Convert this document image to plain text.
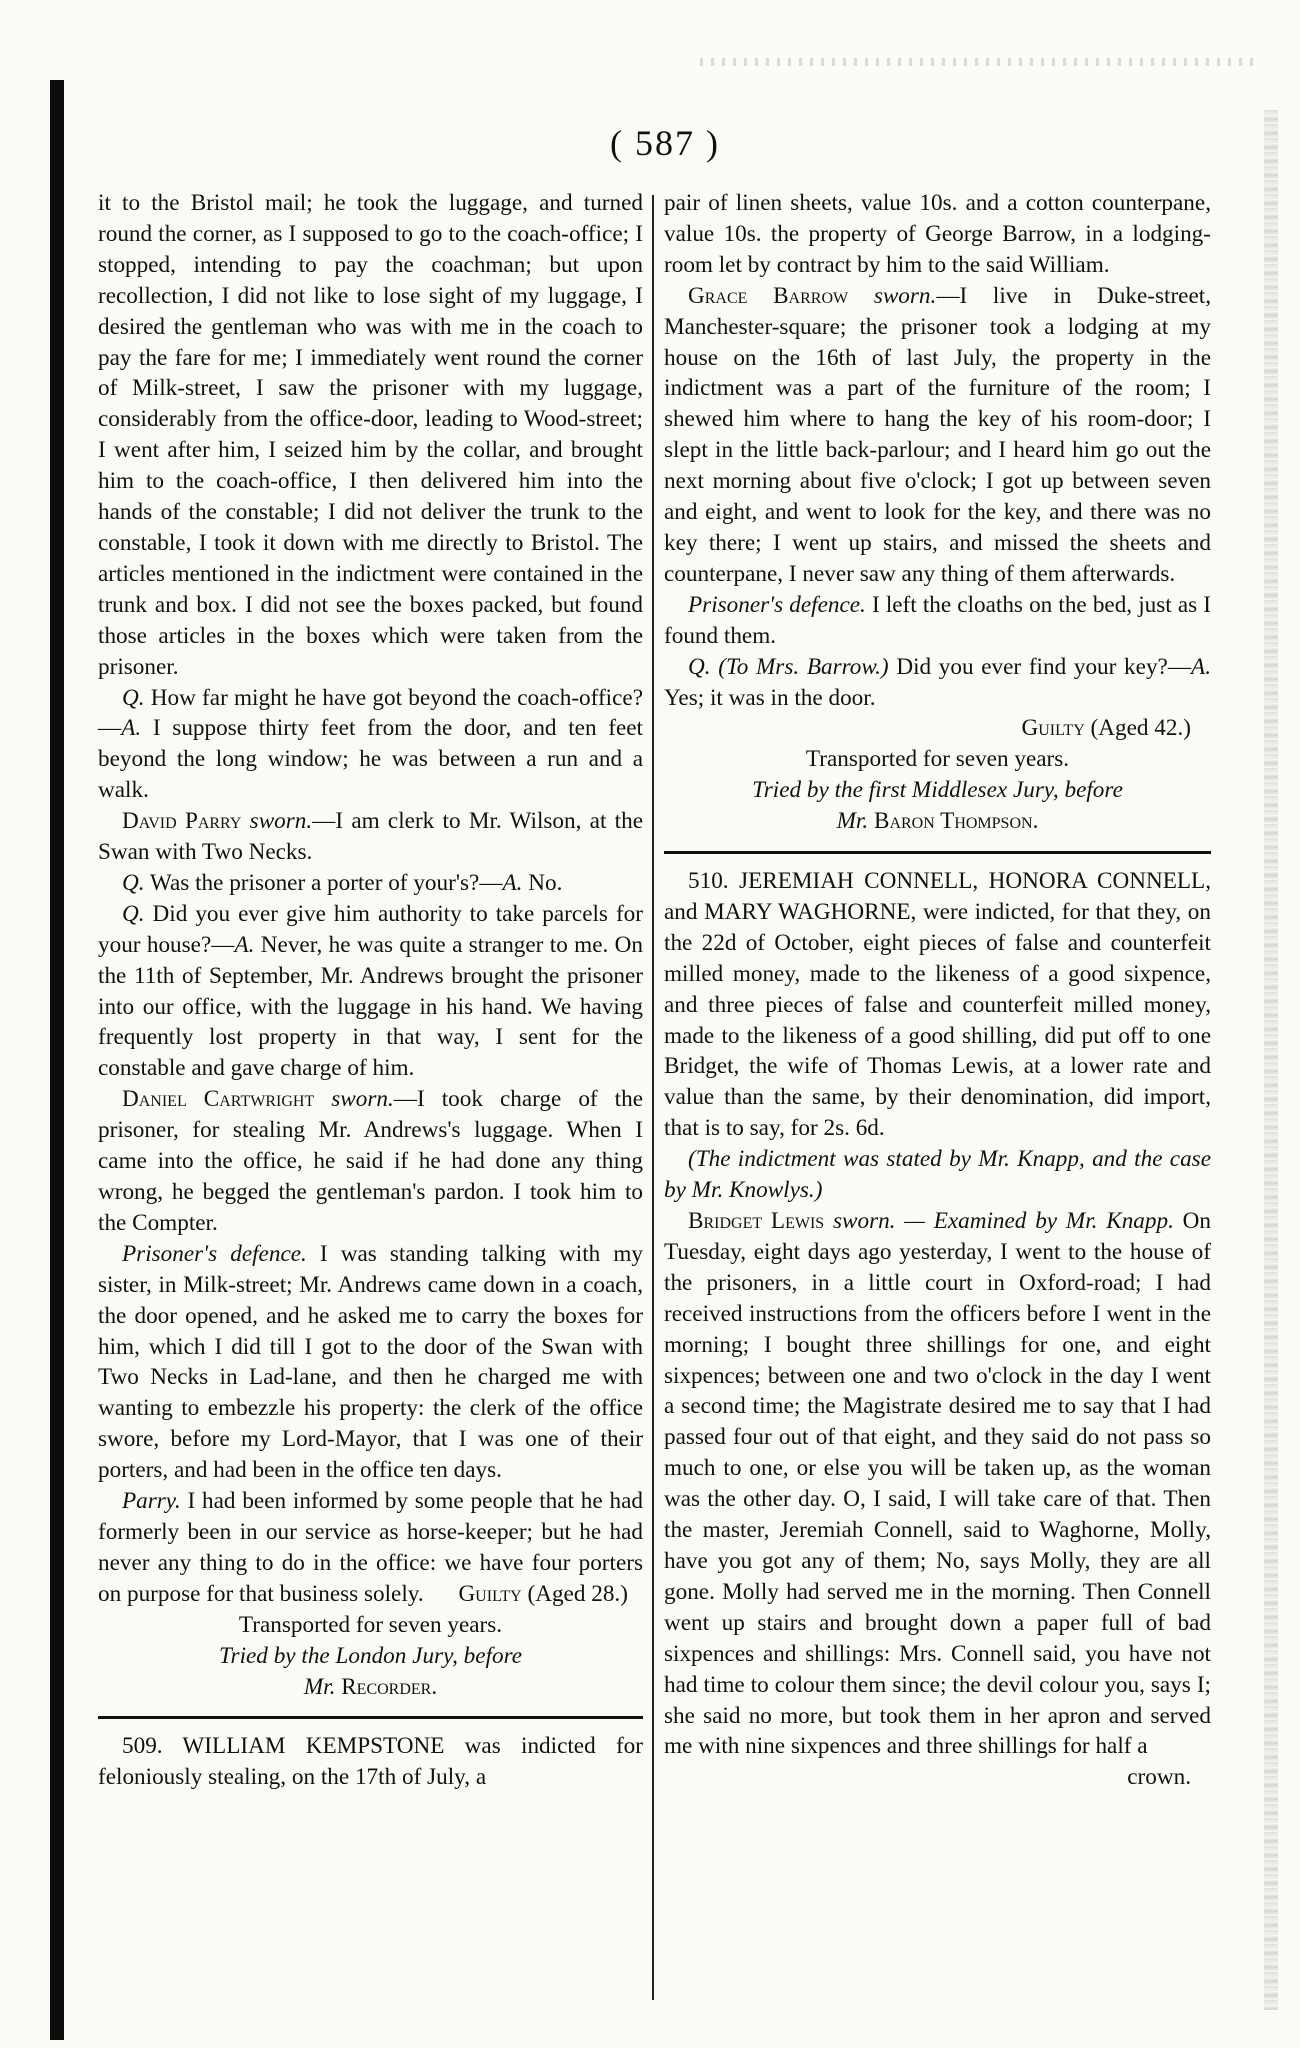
( 587 )

it to the Bristol mail; he took the luggage, and turned round the corner, as I supposed to go to the coach-office; I stopped, intending to pay the coachman; but upon recollection, I did not like to lose sight of my luggage, I desired the gentleman who was with me in the coach to pay the fare for me; I immediately went round the corner of Milk-street, I saw the prisoner with my luggage, considerably from the office-door, leading to Wood-street; I went after him, I seized him by the collar, and brought him to the coach-office, I then delivered him into the hands of the constable; I did not deliver the trunk to the constable, I took it down with me directly to Bristol. The articles mentioned in the indictment were contained in the trunk and box. I did not see the boxes packed, but found those articles in the boxes which were taken from the prisoner.

Q. How far might he have got beyond the coach-office?—A. I suppose thirty feet from the door, and ten feet beyond the long window; he was between a run and a walk.

David Parry sworn.—I am clerk to Mr. Wilson, at the Swan with Two Necks.

Q. Was the prisoner a porter of your's?—A. No.

Q. Did you ever give him authority to take parcels for your house?—A. Never, he was quite a stranger to me. On the 11th of September, Mr. Andrews brought the prisoner into our office, with the luggage in his hand. We having frequently lost property in that way, I sent for the constable and gave charge of him.

Daniel Cartwright sworn.—I took charge of the prisoner, for stealing Mr. Andrews's luggage. When I came into the office, he said if he had done any thing wrong, he begged the gentleman's pardon. I took him to the Compter.

Prisoner's defence. I was standing talking with my sister, in Milk-street; Mr. Andrews came down in a coach, the door opened, and he asked me to carry the boxes for him, which I did till I got to the door of the Swan with Two Necks in Lad-lane, and then he charged me with wanting to embezzle his property: the clerk of the office swore, before my Lord-Mayor, that I was one of their porters, and had been in the office ten days.

Parry. I had been informed by some people that he had formerly been in our service as horse-keeper; but he had never any thing to do in the office: we have four porters on purpose for that business solely. Guilty (Aged 28.)

Transported for seven years.

Tried by the London Jury, before

Mr. Recorder.

509. WILLIAM KEMPSTONE was indicted for feloniously stealing, on the 17th of July, a

pair of linen sheets, value 10s. and a cotton counterpane, value 10s. the property of George Barrow, in a lodging-room let by contract by him to the said William.

Grace Barrow sworn.—I live in Duke-street, Manchester-square; the prisoner took a lodging at my house on the 16th of last July, the property in the indictment was a part of the furniture of the room; I shewed him where to hang the key of his room-door; I slept in the little back-parlour; and I heard him go out the next morning about five o'clock; I got up between seven and eight, and went to look for the key, and there was no key there; I went up stairs, and missed the sheets and counterpane, I never saw any thing of them afterwards.

Prisoner's defence. I left the cloaths on the bed, just as I found them.

Q. (To Mrs. Barrow.) Did you ever find your key?—A. Yes; it was in the door.

Guilty (Aged 42.)

Transported for seven years.

Tried by the first Middlesex Jury, before

Mr. Baron Thompson.

510. JEREMIAH CONNELL, HONORA CONNELL, and MARY WAGHORNE, were indicted, for that they, on the 22d of October, eight pieces of false and counterfeit milled money, made to the likeness of a good sixpence, and three pieces of false and counterfeit milled money, made to the likeness of a good shilling, did put off to one Bridget, the wife of Thomas Lewis, at a lower rate and value than the same, by their denomination, did import, that is to say, for 2s. 6d.

(The indictment was stated by Mr. Knapp, and the case by Mr. Knowlys.)

Bridget Lewis sworn. — Examined by Mr. Knapp. On Tuesday, eight days ago yesterday, I went to the house of the prisoners, in a little court in Oxford-road; I had received instructions from the officers before I went in the morning; I bought three shillings for one, and eight sixpences; between one and two o'clock in the day I went a second time; the Magistrate desired me to say that I had passed four out of that eight, and they said do not pass so much to one, or else you will be taken up, as the woman was the other day. O, I said, I will take care of that. Then the master, Jeremiah Connell, said to Waghorne, Molly, have you got any of them; No, says Molly, they are all gone. Molly had served me in the morning. Then Connell went up stairs and brought down a paper full of bad sixpences and shillings: Mrs. Connell said, you have not had time to colour them since; the devil colour you, says I; she said no more, but took them in her apron and served me with nine sixpences and three shillings for half a

crown.
